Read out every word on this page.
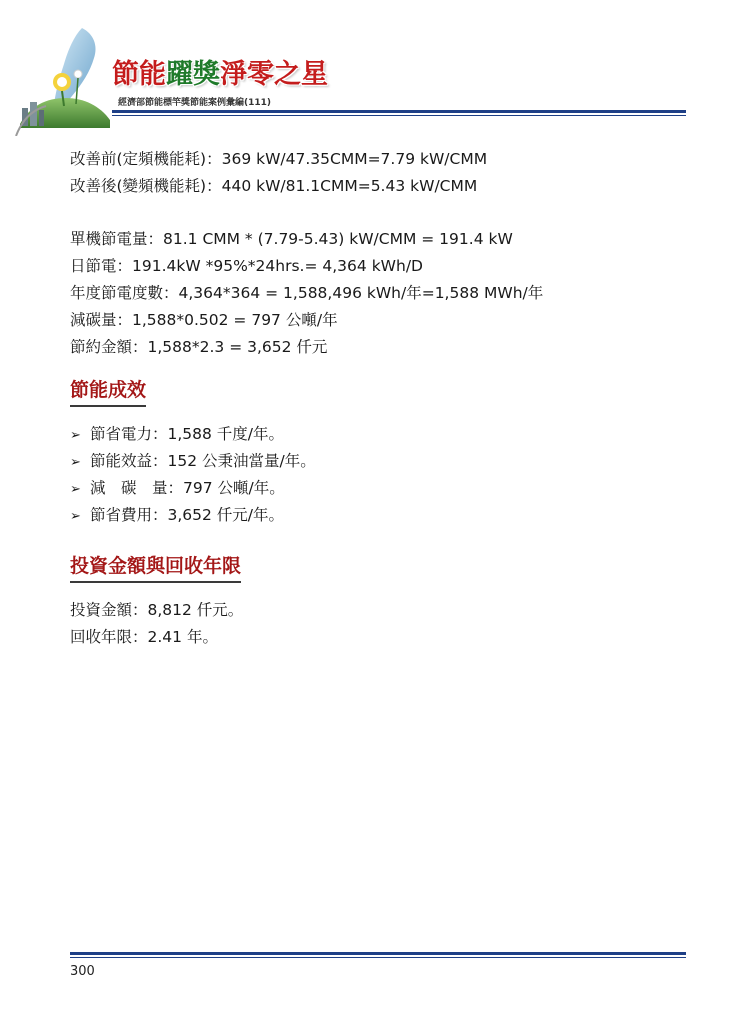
節能躍獎淨零之星
經濟部節能標竿獎節能案例彙編(111)
改善前(定頻機能耗)：369 kW/47.35CMM=7.79 kW/CMM
改善後(變頻機能耗)：440 kW/81.1CMM=5.43 kW/CMM
單機節電量：81.1 CMM * (7.79-5.43) kW/CMM = 191.4 kW
日節電：191.4kW *95%*24hrs.= 4,364 kWh/D
年度節電度數：4,364*364 = 1,588,496 kWh/年=1,588 MWh/年
減碳量：1,588*0.502 = 797 公噸/年
節約金額：1,588*2.3 = 3,652 仟元
節能成效
➢ 節省電力：1,588 千度/年。
➢ 節能效益：152 公秉油當量/年。
➢ 減　碳　量：797 公噸/年。
➢ 節省費用：3,652 仟元/年。
投資金額與回收年限
投資金額：8,812 仟元。
回收年限：2.41 年。
300
